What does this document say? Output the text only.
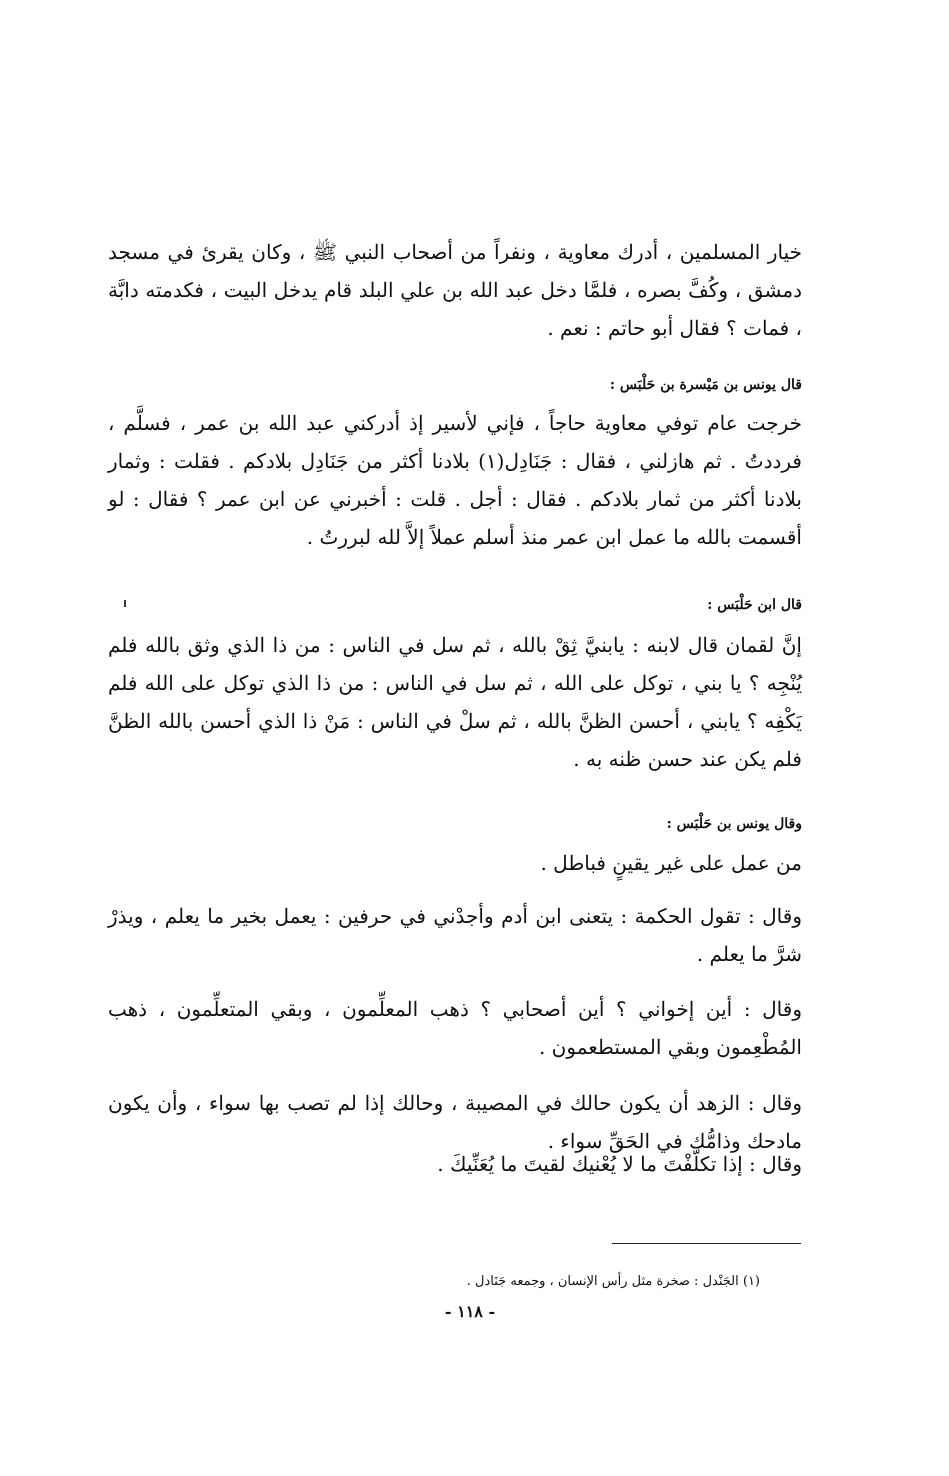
خيار المسلمين ، أدرك معاوية ، ونفراً من أصحاب النبي ﷺ ، وكان يقرئ في مسجد دمشق ، وكُفَّ بصره ، فلمَّا دخل عبد الله بن علي البلد قام يدخل البيت ، فكدمته دابَّة ، فمات ؟ فقال أبو حاتم : نعم .

قال يونس بن مَيْسرة بن حَلْبَس :

خرجت عام توفي معاوية حاجاً ، فإني لأسير إذ أدركني عبد الله بن عمر ، فسلَّم ، فرددتُ . ثم هازلني ، فقال : جَنَادِل(١) بلادنا أكثر من جَنَادِل بلادكم . فقلت : وثمار بلادنا أكثر من ثمار بلادكم . فقال : أجل . قلت : أخبرني عن ابن عمر ؟ فقال : لو أقسمت بالله ما عمل ابن عمر منذ أسلم عملاً إلاَّ لله لبررتُ .

قال ابن حَلْبَس :

إنَّ لقمان قال لابنه : يابنيَّ ثِقْ بالله ، ثم سل في الناس : من ذا الذي وثق بالله فلم يُنْجِه ؟ يا بني ، توكل على الله ، ثم سل في الناس : من ذا الذي توكل على الله فلم يَكْفِه ؟ يابني ، أحسن الظنَّ بالله ، ثم سلْ في الناس : مَنْ ذا الذي أحسن بالله الظنَّ فلم يكن عند حسن ظنه به .

وقال يونس بن حَلْبَس :

من عمل على غير يقينٍ فباطل .

وقال : تقول الحكمة : يتعنى ابن أدم وأجدْني في حرفين : يعمل بخير ما يعلم ، ويذرْ شرَّ ما يعلم .

وقال : أين إخواني ؟ أين أصحابي ؟ ذهب المعلِّمون ، وبقي المتعلِّمون ، ذهب المُطْعِمون وبقي المستطعمون .

وقال : الزهد أن يكون حالك في المصيبة ، وحالك إذا لم تصب بها سواء ، وأن يكون مادحك وذامُّك في الحَقِّ سواء .

وقال : إذا تكلَّفْتَ ما لا يُعْنيك لقيتَ ما يُعَنِّيكَ .

(١) الجَنْدل : صخرة مثل رأس الإنسان ، وجمعه جَنَادل .

- ١١٨ -
